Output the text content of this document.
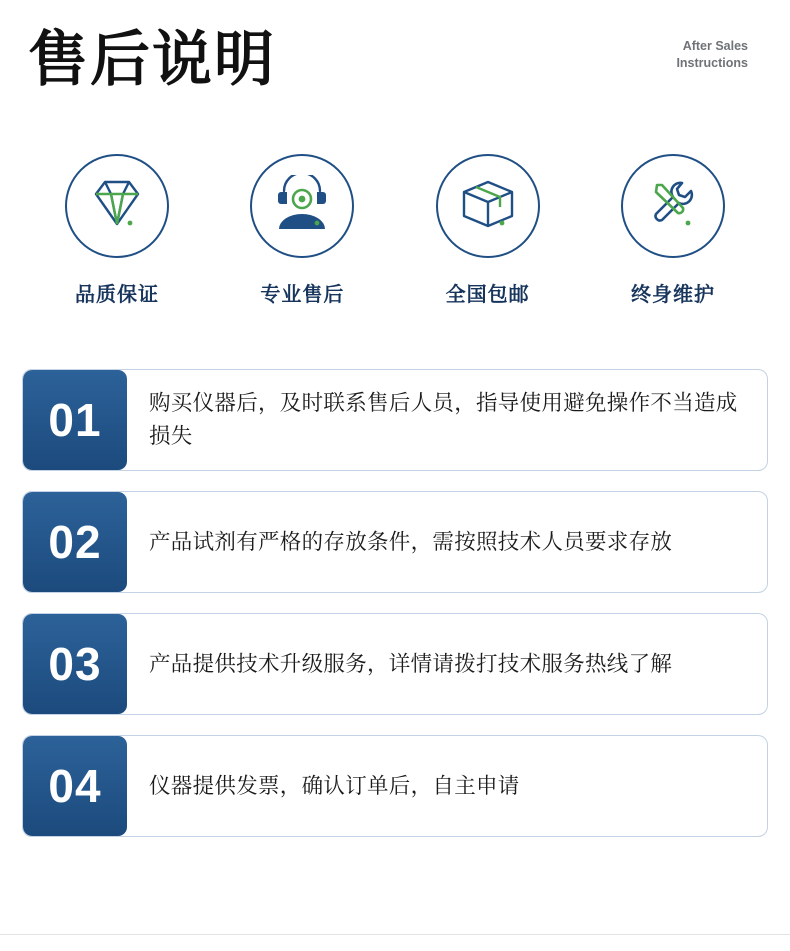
售后说明	After Sales
Instructions
品质保证	专业售后	全国包邮	终身维护
01	购买仪器后，及时联系售后人员，指导使用避免操作不当造成损失
02	产品试剂有严格的存放条件，需按照技术人员要求存放
03	产品提供技术升级服务，详情请拨打技术服务热线了解
04	仪器提供发票，确认订单后，自主申请
